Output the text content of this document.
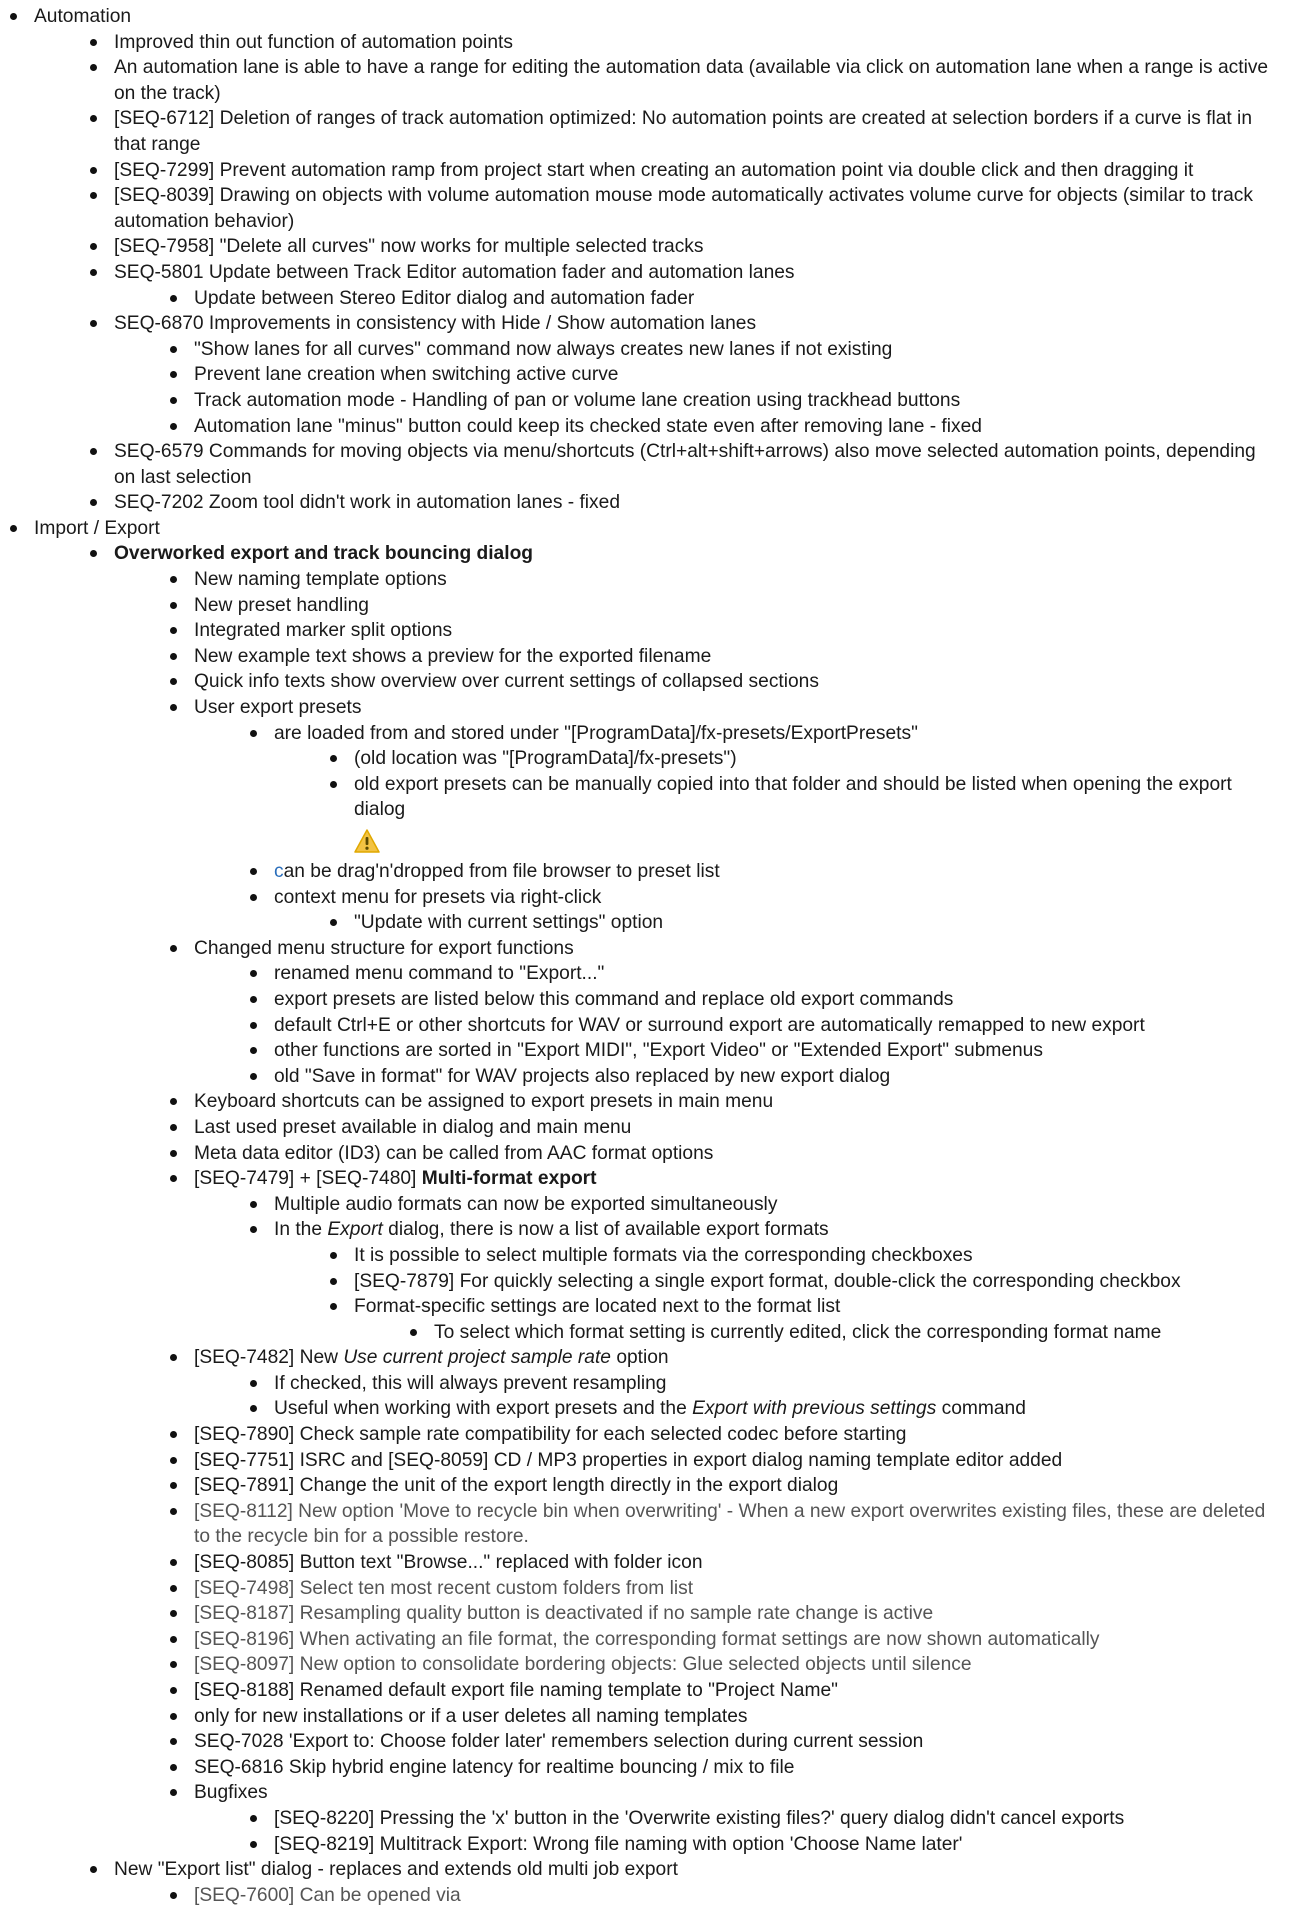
Automation
Improved thin out function of automation points
An automation lane is able to have a range for editing the automation data (available via click on automation lane when a range is active on the track)
[SEQ-6712] Deletion of ranges of track automation optimized: No automation points are created at selection borders if a curve is flat in that range
[SEQ-7299] Prevent automation ramp from project start when creating an automation point via double click and then dragging it
[SEQ-8039] Drawing on objects with volume automation mouse mode automatically activates volume curve for objects (similar to track automation behavior)
[SEQ-7958] "Delete all curves" now works for multiple selected tracks
SEQ-5801 Update between Track Editor automation fader and automation lanes
Update between Stereo Editor dialog and automation fader
SEQ-6870 Improvements in consistency with Hide / Show automation lanes
"Show lanes for all curves" command now always creates new lanes if not existing
Prevent lane creation when switching active curve
Track automation mode - Handling of pan or volume lane creation using trackhead buttons
Automation lane "minus" button could keep its checked state even after removing lane - fixed
SEQ-6579 Commands for moving objects via menu/shortcuts (Ctrl+alt+shift+arrows) also move selected automation points, depending on last selection
SEQ-7202 Zoom tool didn't work in automation lanes - fixed
Import / Export
Overworked export and track bouncing dialog
New naming template options
New preset handling
Integrated marker split options
New example text shows a preview for the exported filename
Quick info texts show overview over current settings of collapsed sections
User export presets
are loaded from and stored under "[ProgramData]/fx-presets/ExportPresets"
(old location was "[ProgramData]/fx-presets")
old export presets can be manually copied into that folder and should be listed when opening the export dialog
can be drag'n'dropped from file browser to preset list
context menu for presets via right-click
"Update with current settings" option
Changed menu structure for export functions
renamed menu command to "Export..."
export presets are listed below this command and replace old export commands
default Ctrl+E or other shortcuts for WAV or surround export are automatically remapped to new export
other functions are sorted in "Export MIDI", "Export Video" or "Extended Export" submenus
old "Save in format" for WAV projects also replaced by new export dialog
Keyboard shortcuts can be assigned to export presets in main menu
Last used preset available in dialog and main menu
Meta data editor (ID3) can be called from AAC format options
[SEQ-7479] + [SEQ-7480] Multi-format export
Multiple audio formats can now be exported simultaneously
In the Export dialog, there is now a list of available export formats
It is possible to select multiple formats via the corresponding checkboxes
[SEQ-7879] For quickly selecting a single export format, double-click the corresponding checkbox
Format-specific settings are located next to the format list
To select which format setting is currently edited, click the corresponding format name
[SEQ-7482] New Use current project sample rate option
If checked, this will always prevent resampling
Useful when working with export presets and the Export with previous settings command
[SEQ-7890] Check sample rate compatibility for each selected codec before starting
[SEQ-7751] ISRC and [SEQ-8059] CD / MP3 properties in export dialog naming template editor added
[SEQ-7891] Change the unit of the export length directly in the export dialog
[SEQ-8112] New option 'Move to recycle bin when overwriting' - When a new export overwrites existing files, these are deleted to the recycle bin for a possible restore.
[SEQ-8085] Button text "Browse..." replaced with folder icon
[SEQ-7498] Select ten most recent custom folders from list
[SEQ-8187] Resampling quality button is deactivated if no sample rate change is active
[SEQ-8196] When activating an file format, the corresponding format settings are now shown automatically
[SEQ-8097] New option to consolidate bordering objects: Glue selected objects until silence
[SEQ-8188] Renamed default export file naming template to "Project Name"
only for new installations or if a user deletes all naming templates
SEQ-7028 'Export to: Choose folder later' remembers selection during current session
SEQ-6816 Skip hybrid engine latency for realtime bouncing / mix to file
Bugfixes
[SEQ-8220] Pressing the 'x' button in the 'Overwrite existing files?' query dialog didn't cancel exports
[SEQ-8219] Multitrack Export: Wrong file naming with option 'Choose Name later'
New "Export list" dialog - replaces and extends old multi job export
[SEQ-7600] Can be opened via
